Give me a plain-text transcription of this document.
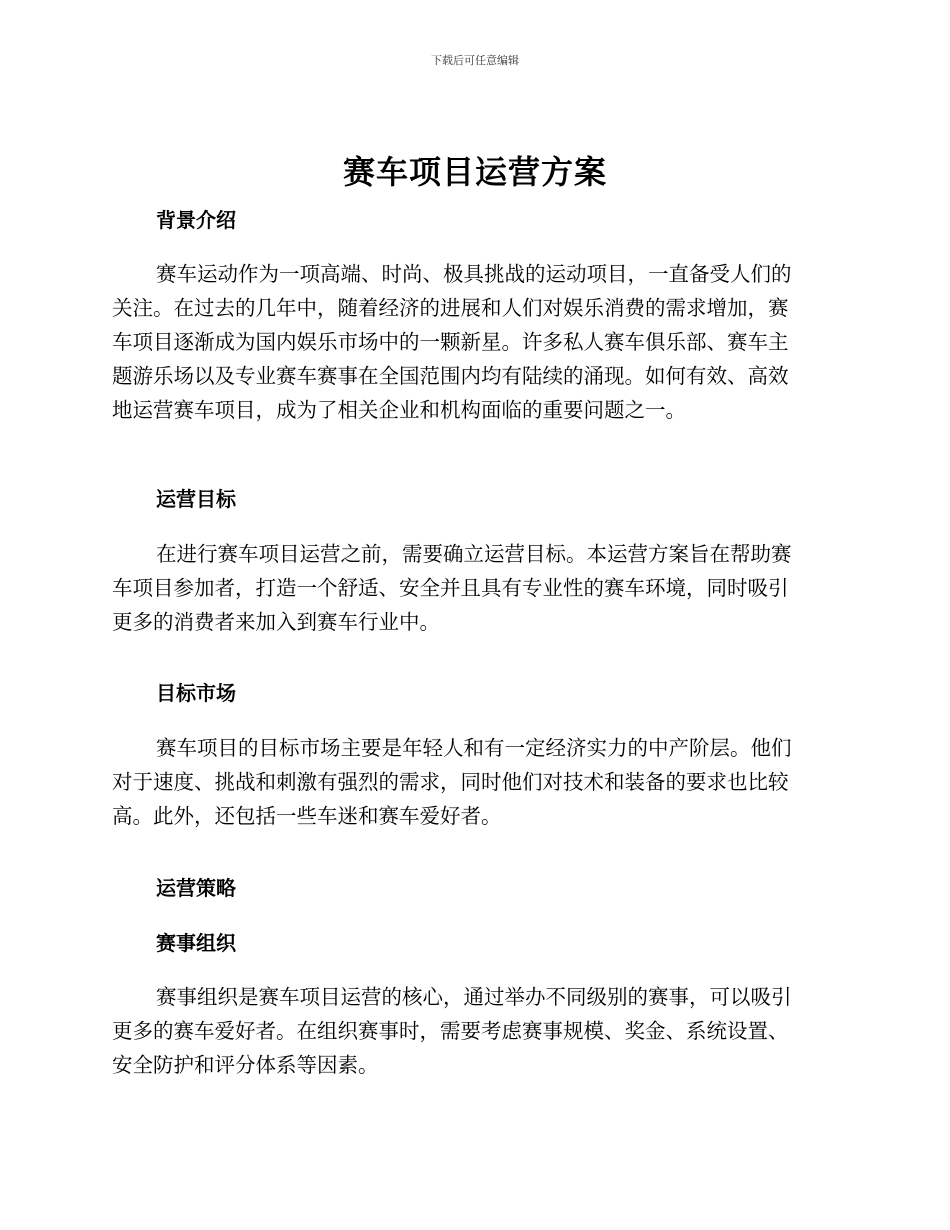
下载后可任意编辑
赛车项目运营方案
背景介绍
赛车运动作为一项高端、时尚、极具挑战的运动项目，一直备受人们的
关注。在过去的几年中，随着经济的进展和人们对娱乐消费的需求增加，赛
车项目逐渐成为国内娱乐市场中的一颗新星。许多私人赛车俱乐部、赛车主
题游乐场以及专业赛车赛事在全国范围内均有陆续的涌现。如何有效、高效
地运营赛车项目，成为了相关企业和机构面临的重要问题之一。
运营目标
在进行赛车项目运营之前，需要确立运营目标。本运营方案旨在帮助赛
车项目参加者，打造一个舒适、安全并且具有专业性的赛车环境，同时吸引
更多的消费者来加入到赛车行业中。
目标市场
赛车项目的目标市场主要是年轻人和有一定经济实力的中产阶层。他们
对于速度、挑战和刺激有强烈的需求，同时他们对技术和装备的要求也比较
高。此外，还包括一些车迷和赛车爱好者。
运营策略
赛事组织
赛事组织是赛车项目运营的核心，通过举办不同级别的赛事，可以吸引
更多的赛车爱好者。在组织赛事时，需要考虑赛事规模、奖金、系统设置、
安全防护和评分体系等因素。
